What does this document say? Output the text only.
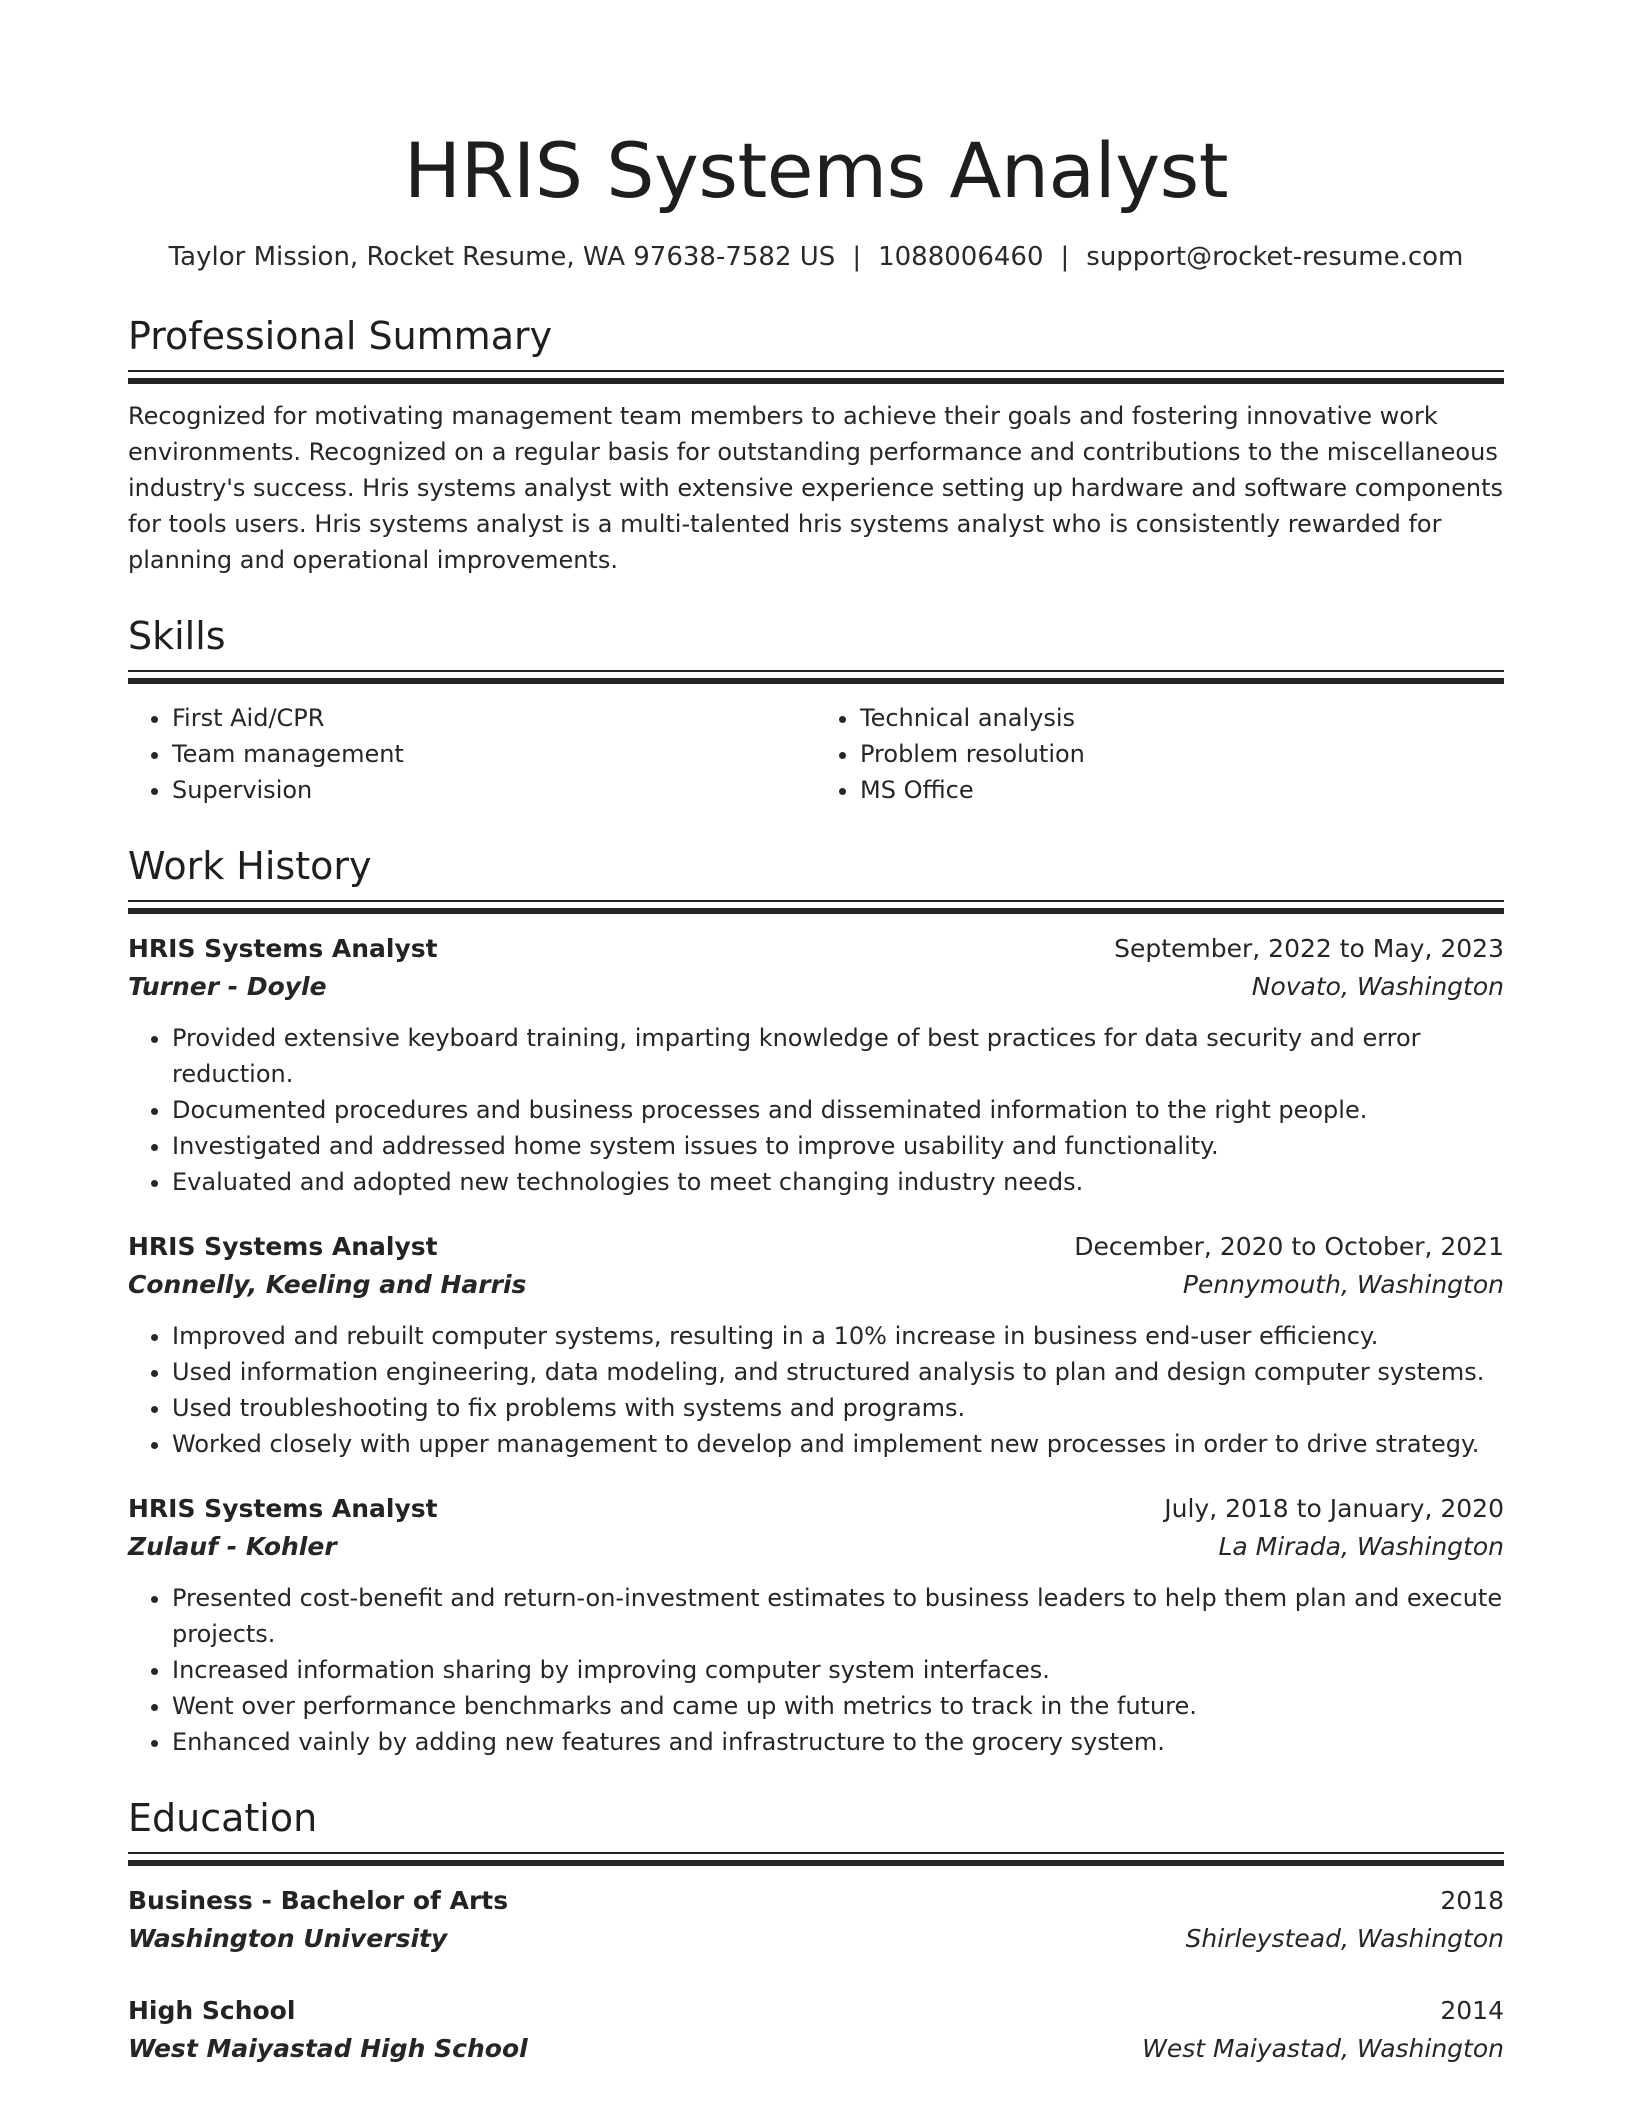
HRIS Systems Analyst
Taylor Mission, Rocket Resume, WA 97638-7582 US | 1088006460 | support@rocket-resume.com
Professional Summary

Recognized for motivating management team members to achieve their goals and fostering innovative work environments. Recognized on a regular basis for outstanding performance and contributions to the miscellaneous industry's success. Hris systems analyst with extensive experience setting up hardware and software components for tools users. Hris systems analyst is a multi-talented hris systems analyst who is consistently rewarded for planning and operational improvements.

Skills
• First Aid/CPR
• Team management
• Supervision
• Technical analysis
• Problem resolution
• MS Office
Work History
HRIS Systems Analyst	September, 2022 to May, 2023
Turner - Doyle	Novato, Washington
• Provided extensive keyboard training, imparting knowledge of best practices for data security and error reduction.
• Documented procedures and business processes and disseminated information to the right people.
• Investigated and addressed home system issues to improve usability and functionality.
• Evaluated and adopted new technologies to meet changing industry needs.
HRIS Systems Analyst	December, 2020 to October, 2021
Connelly, Keeling and Harris	Pennymouth, Washington
• Improved and rebuilt computer systems, resulting in a 10% increase in business end-user efficiency.
• Used information engineering, data modeling, and structured analysis to plan and design computer systems.
• Used troubleshooting to fix problems with systems and programs.
• Worked closely with upper management to develop and implement new processes in order to drive strategy.
HRIS Systems Analyst	July, 2018 to January, 2020
Zulauf - Kohler	La Mirada, Washington
• Presented cost-benefit and return-on-investment estimates to business leaders to help them plan and execute projects.
• Increased information sharing by improving computer system interfaces.
• Went over performance benchmarks and came up with metrics to track in the future.
• Enhanced vainly by adding new features and infrastructure to the grocery system.
Education
Business - Bachelor of Arts	2018
Washington University	Shirleystead, Washington
High School	2014
West Maiyastad High School	West Maiyastad, Washington
